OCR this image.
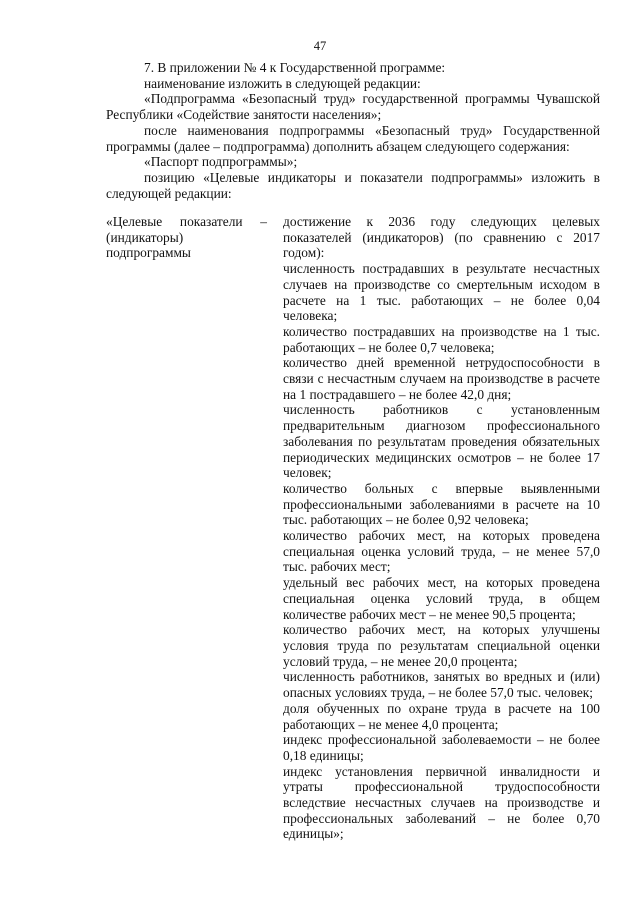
47

7. В приложении № 4 к Государственной программе:

наименование изложить в следующей редакции:

«Подпрограмма «Безопасный труд» государственной программы Чувашской Республики «Содействие занятости населения»;

после наименования подпрограммы «Безопасный труд» Государственной программы (далее – подпрограмма) дополнить абзацем следующего содержания:

«Паспорт подпрограммы»;

позицию «Целевые индикаторы и показатели подпрограммы» изложить в следующей редакции:

«Целевые показатели – (индикаторы) подпрограммы

достижение к 2036 году следующих целевых показателей (индикаторов) (по сравнению с 2017 годом):

численность пострадавших в результате несчастных случаев на производстве со смертельным исходом в расчете на 1 тыс. работающих – не более 0,04 человека;

количество пострадавших на производстве на 1 тыс. работающих – не более 0,7 человека;

количество дней временной нетрудоспособности в связи с несчастным случаем на производстве в расчете на 1 пострадавшего – не более 42,0 дня;

численность работников с установленным предварительным диагнозом профессионального заболевания по результатам проведения обязательных периодических медицинских осмотров – не более 17 человек;

количество больных с впервые выявленными профессиональными заболеваниями в расчете на 10 тыс. работающих – не более 0,92 человека;

количество рабочих мест, на которых проведена специальная оценка условий труда, – не менее 57,0 тыс. рабочих мест;

удельный вес рабочих мест, на которых проведена специальная оценка условий труда, в общем количестве рабочих мест – не менее 90,5 процента;

количество рабочих мест, на которых улучшены условия труда по результатам специальной оценки условий труда, – не менее 20,0 процента;

численность работников, занятых во вредных и (или) опасных условиях труда, – не более 57,0 тыс. человек;

доля обученных по охране труда в расчете на 100 работающих – не менее 4,0 процента;

индекс профессиональной заболеваемости – не более 0,18 единицы;

индекс установления первичной инвалидности и утраты профессиональной трудоспособности вследствие несчастных случаев на производстве и профессиональных заболеваний – не более 0,70 единицы»;
